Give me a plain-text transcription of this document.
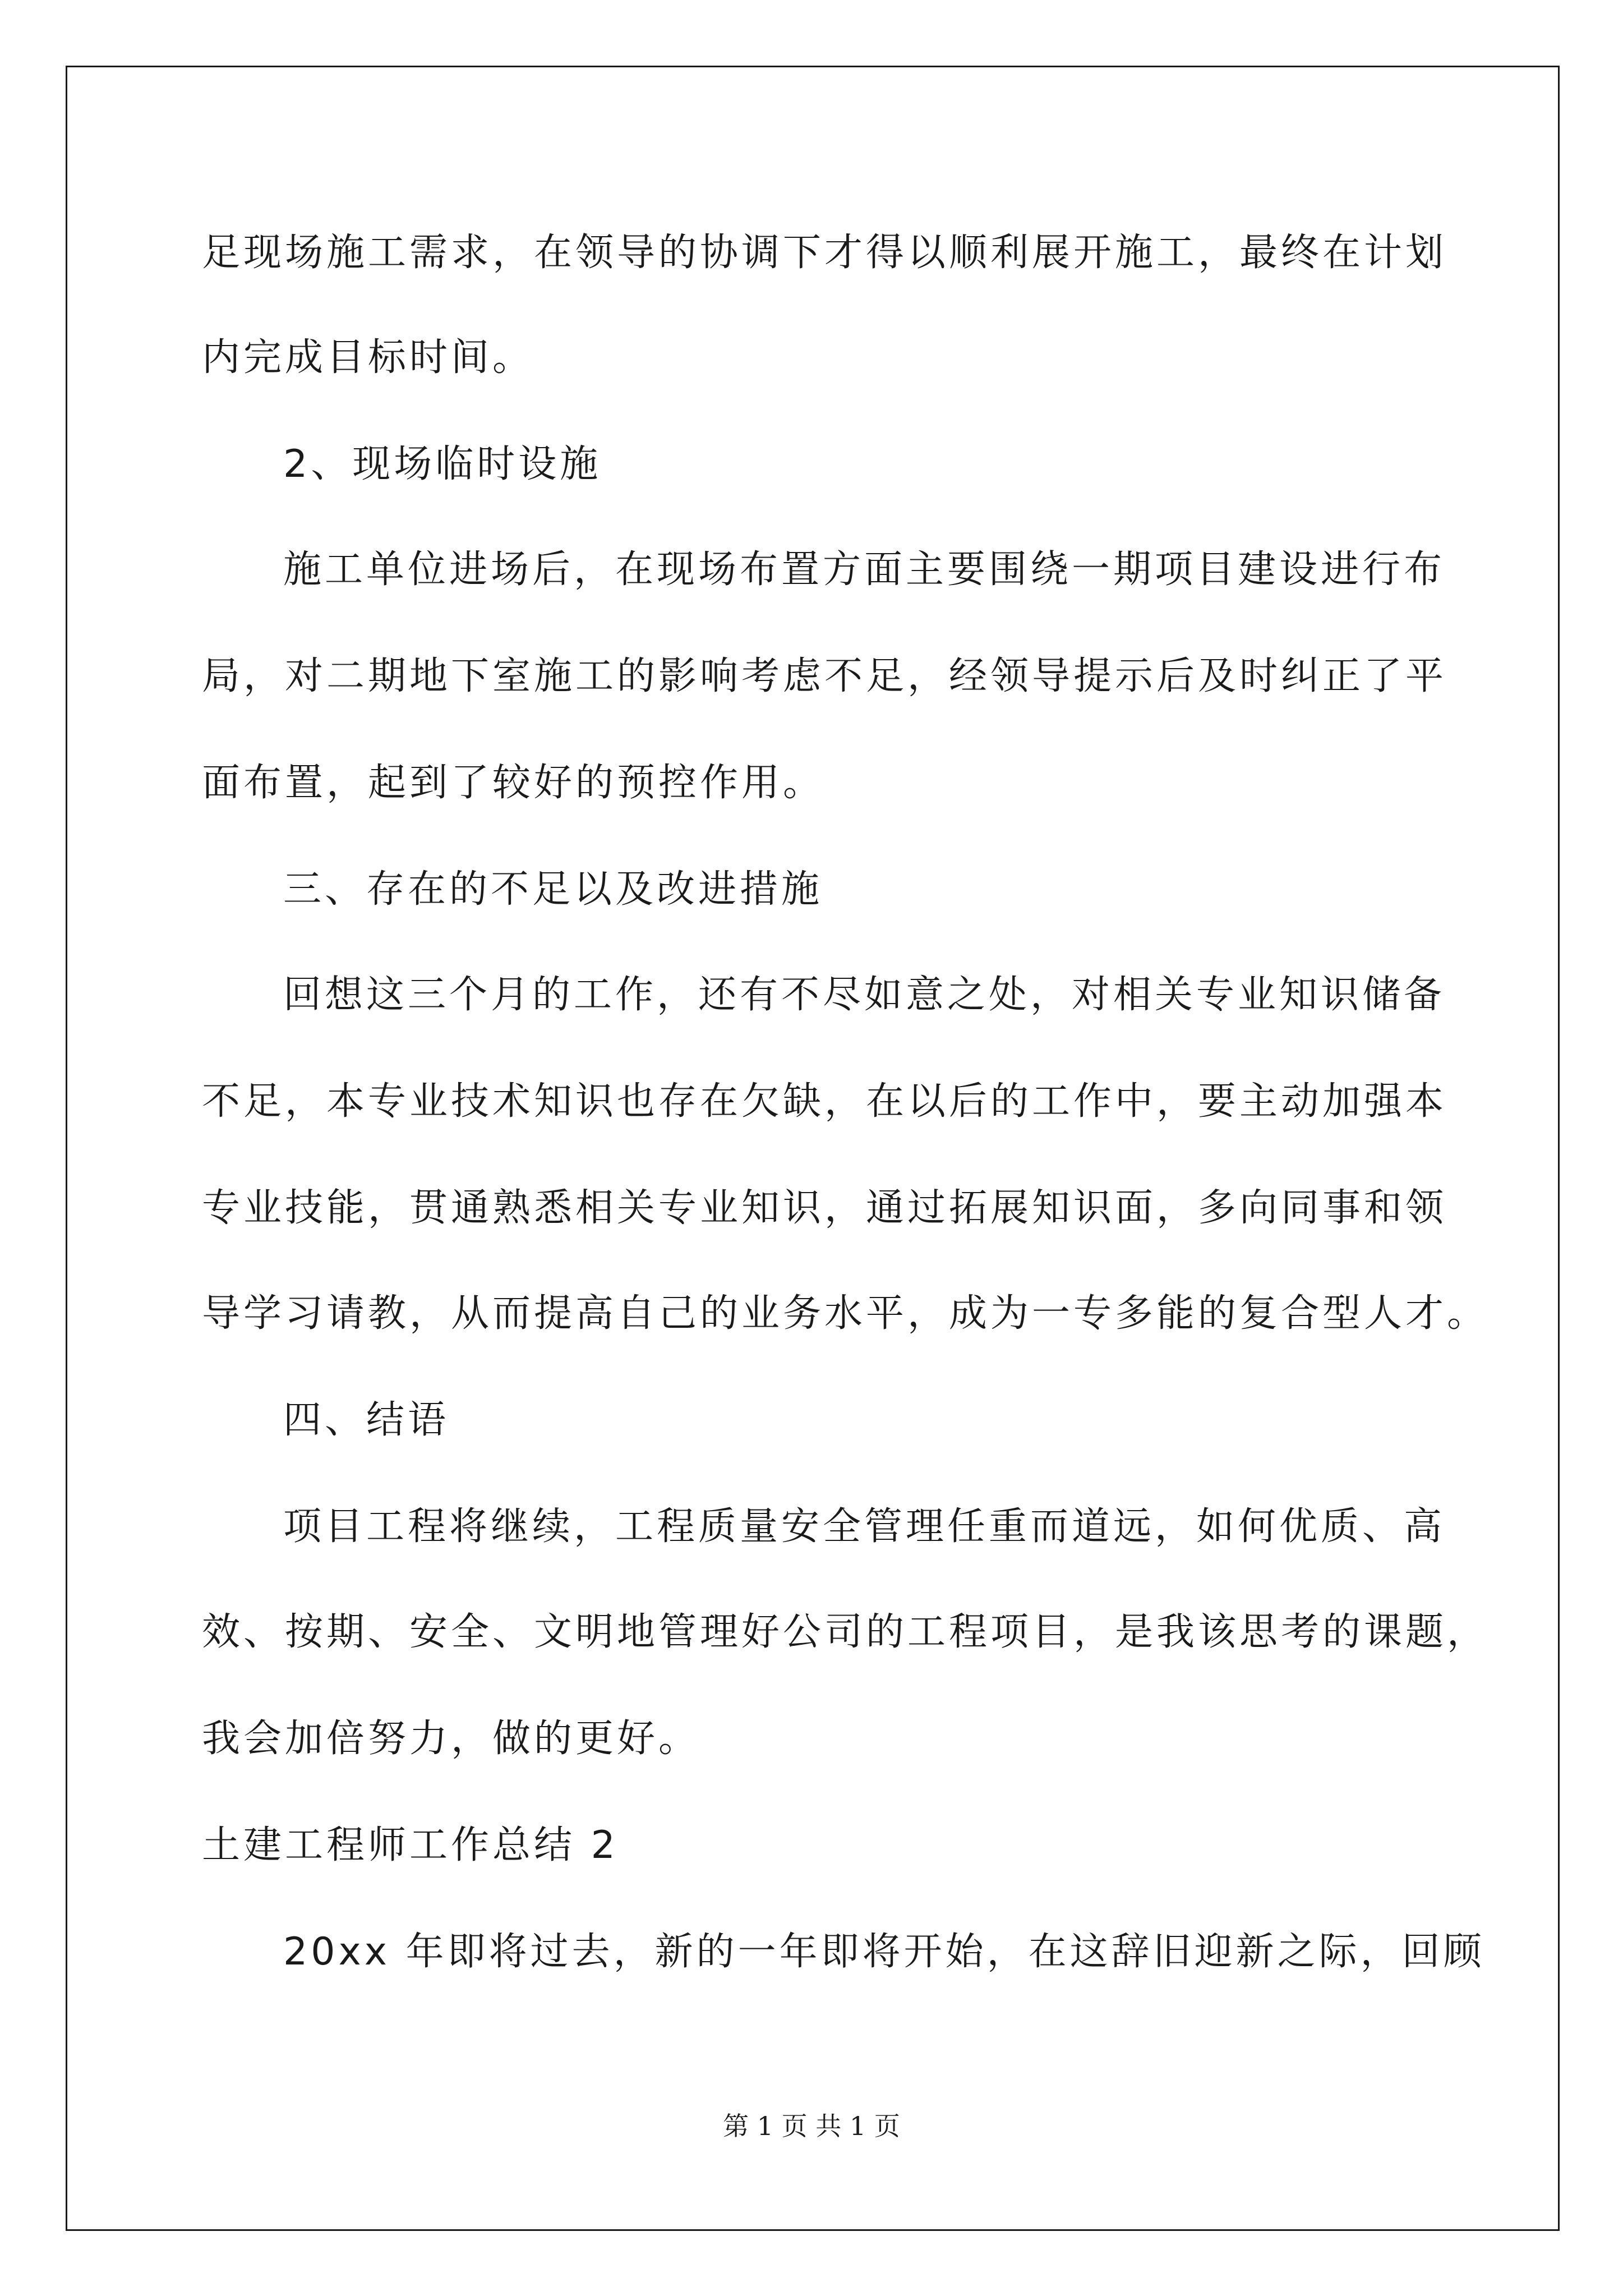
足现场施工需求，在领导的协调下才得以顺利展开施工，最终在计划

内完成目标时间。

2、现场临时设施

施工单位进场后，在现场布置方面主要围绕一期项目建设进行布

局，对二期地下室施工的影响考虑不足，经领导提示后及时纠正了平

面布置，起到了较好的预控作用。

三、存在的不足以及改进措施

回想这三个月的工作，还有不尽如意之处，对相关专业知识储备

不足，本专业技术知识也存在欠缺，在以后的工作中，要主动加强本

专业技能，贯通熟悉相关专业知识，通过拓展知识面，多向同事和领

导学习请教，从而提高自己的业务水平，成为一专多能的复合型人才。

四、结语

项目工程将继续，工程质量安全管理任重而道远，如何优质、高

效、按期、安全、文明地管理好公司的工程项目，是我该思考的课题，

我会加倍努力，做的更好。

土建工程师工作总结 2

20xx 年即将过去，新的一年即将开始，在这辞旧迎新之际，回顾

第 1 页 共 1 页
